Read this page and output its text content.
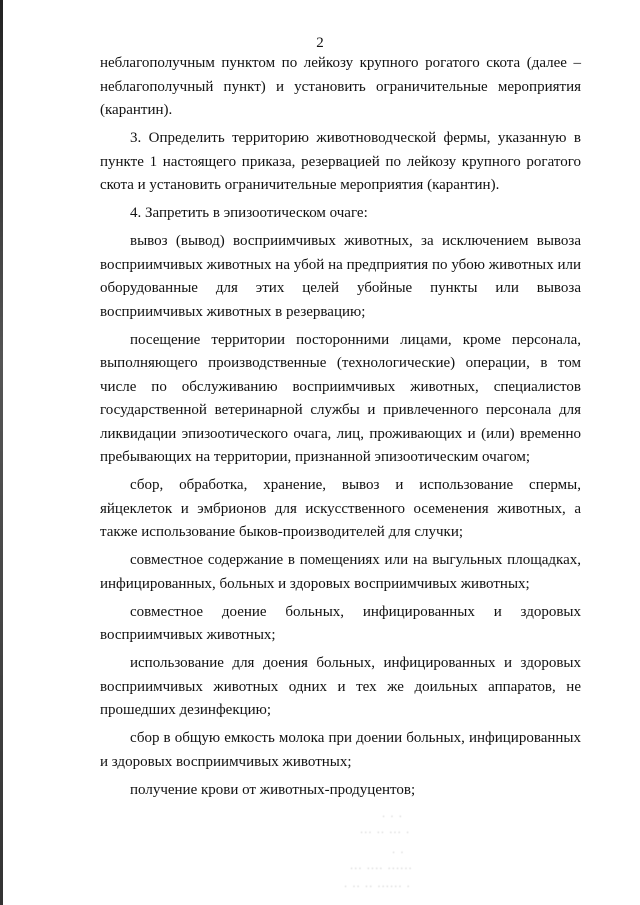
2

неблагополучным пунктом по лейкозу крупного рогатого скота (далее – неблагополучный пункт) и установить ограничительные мероприятия (карантин).

3. Определить территорию животноводческой фермы, указанную в пункте 1 настоящего приказа, резервацией по лейкозу крупного рогатого скота и установить ограничительные мероприятия (карантин).

4. Запретить в эпизоотическом очаге:

вывоз (вывод) восприимчивых животных, за исключением вывоза восприимчивых животных на убой на предприятия по убою животных или оборудованные для этих целей убойные пункты или вывоза восприимчивых животных в резервацию;

посещение территории посторонними лицами, кроме персонала, выполняющего производственные (технологические) операции, в том числе по обслуживанию восприимчивых животных, специалистов государственной ветеринарной службы и привлеченного персонала для ликвидации эпизоотического очага, лиц, проживающих и (или) временно пребывающих на территории, признанной эпизоотическим очагом;

сбор, обработка, хранение, вывоз и использование спермы, яйцеклеток и эмбрионов для искусственного осеменения животных, а также использование быков-производителей для случки;

совместное содержание в помещениях или на выгульных площадках, инфицированных, больных и здоровых восприимчивых животных;

совместное доение больных, инфицированных и здоровых восприимчивых животных;

использование для доения больных, инфицированных и здоровых восприимчивых животных одних и тех же доильных аппаратов, не прошедших дезинфекцию;

сбор в общую емкость молока при доении больных, инфицированных и здоровых восприимчивых животных;

получение крови от животных-продуцентов;

· · ·
··· ·· ··· ·
· ·
··· ···· ······
· ·· ·· ······ ·
